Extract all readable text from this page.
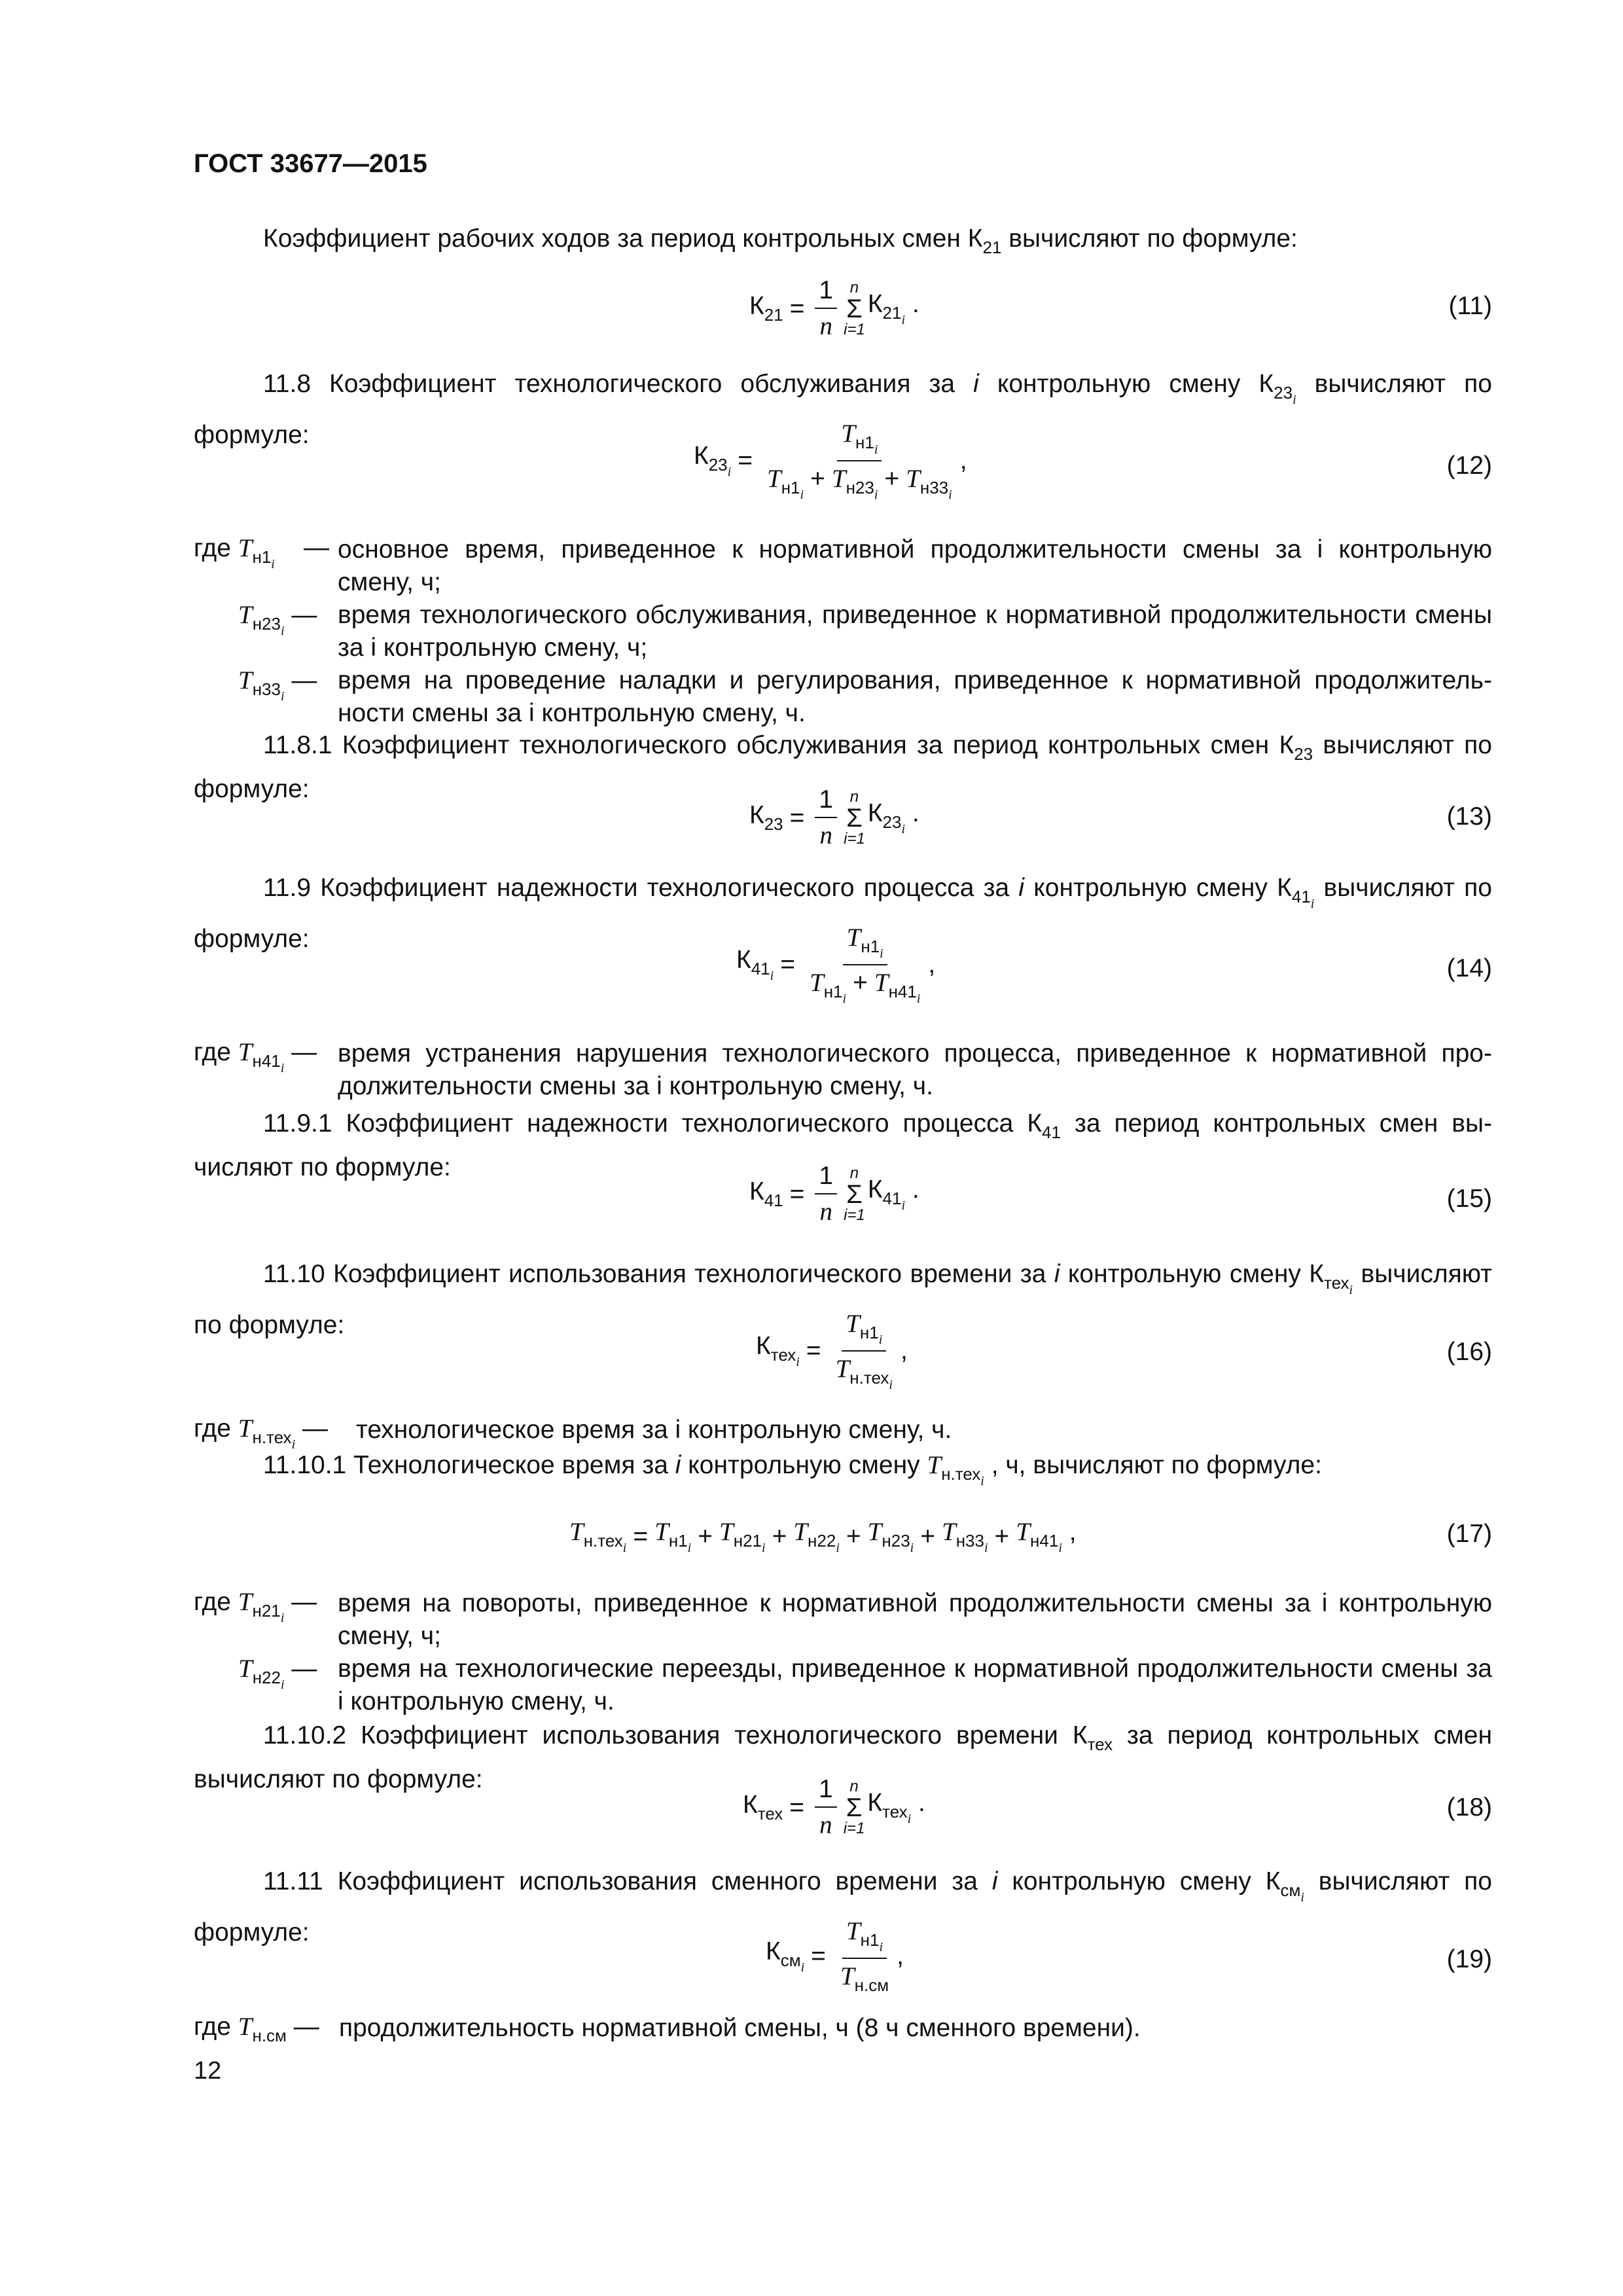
ГОСТ 33677—2015
Коэффициент рабочих ходов за период контрольных смен $К_{21}$ вычисляют по формуле:
$К_{21} = \frac{1}{n}$ n
Σ
i=1
$К_{21_i}$ .	(11)
11.8 Коэффициент технологического обслуживания за i контрольную смену $К_{23_i}$ вычисляют по формуле:
$К_{23_i} = \frac{T_{н1_i}}{T_{н1_i}+ T_{н23_i}+ T_{н33_i}}$ ,	(12)
где $T_{н1_i}$
— основное время, приведенное к нормативной продолжительности смены за i контрольную смену, ч;
$T_{н23_i}$ — время технологического обслуживания, приведенное к нормативной продолжительности смены за i контрольную смену, ч;
$T_{н33_i}$ — время на проведение наладки и регулирования, приведенное к нормативной продолжительности смены за i контрольную смену, ч.
11.8.1 Коэффициент технологического обслуживания за период контрольных смен $К_{23}$ вычисляют по формуле:
$К_{23} = \frac{1}{n}$ n
Σ
i=1
$К_{23_i}$ .	(13)
11.9 Коэффициент надежности технологического процесса за i контрольную смену $К_{41_i}$ вычисляют по формуле:
$К_{41_i} = \frac{T_{н1_i}}{T_{н1_i}+ T_{н41_i}}$ ,	(14)
где $T_{н41_i}$ — время устранения нарушения технологического процесса, приведенное к нормативной продолжительности смены за i контрольную смену, ч.
11.9.1 Коэффициент надежности технологического процесса $К_{41}$ за период контрольных смен вычисляют по формуле:
$К_{41} = \frac{1}{n}$ n
Σ
i=1
$К_{41_i}$ .	(15)
11.10 Коэффициент использования технологического времени за i контрольную смену $К_{тех_i}$ вычисляют по формуле:
$К_{тех_i} = \frac{T_{н1_i}}{T_{н.тех_i}}$ ,	(16)
где $T_{н.тех_i}$ — технологическое время за i контрольную смену, ч.
11.10.1 Технологическое время за i контрольную смену $T_{н.тех_i}$ , ч, вычисляют по формуле:
$T_{н.тех_i} = T_{н1_i} + T_{н21_i} + T_{н22_i} + T_{н23_i} + T_{н33_i} + T_{н41_i}$ ,	(17)
где $T_{н21_i}$ — время на повороты, приведенное к нормативной продолжительности смены за i контрольную смену, ч;
$T_{н22_i}$ — время на технологические переезды, приведенное к нормативной продолжительности смены за i контрольную смену, ч.
11.10.2 Коэффициент использования технологического времени $К_{тех}$ за период контрольных смен вычисляют по формуле:
$К_{тех} = \frac{1}{n}$ n
Σ
i=1
$К_{тех_i}$ .	(18)
11.11 Коэффициент использования сменного времени за i контрольную смену $К_{см_i}$ вычисляют по формуле:
$К_{см_i} = \frac{T_{н1_i}}{T_{н.см}}$ ,	(19)
где $T_{н.см}$ — продолжительность нормативной смены, ч (8 ч сменного времени).
12
